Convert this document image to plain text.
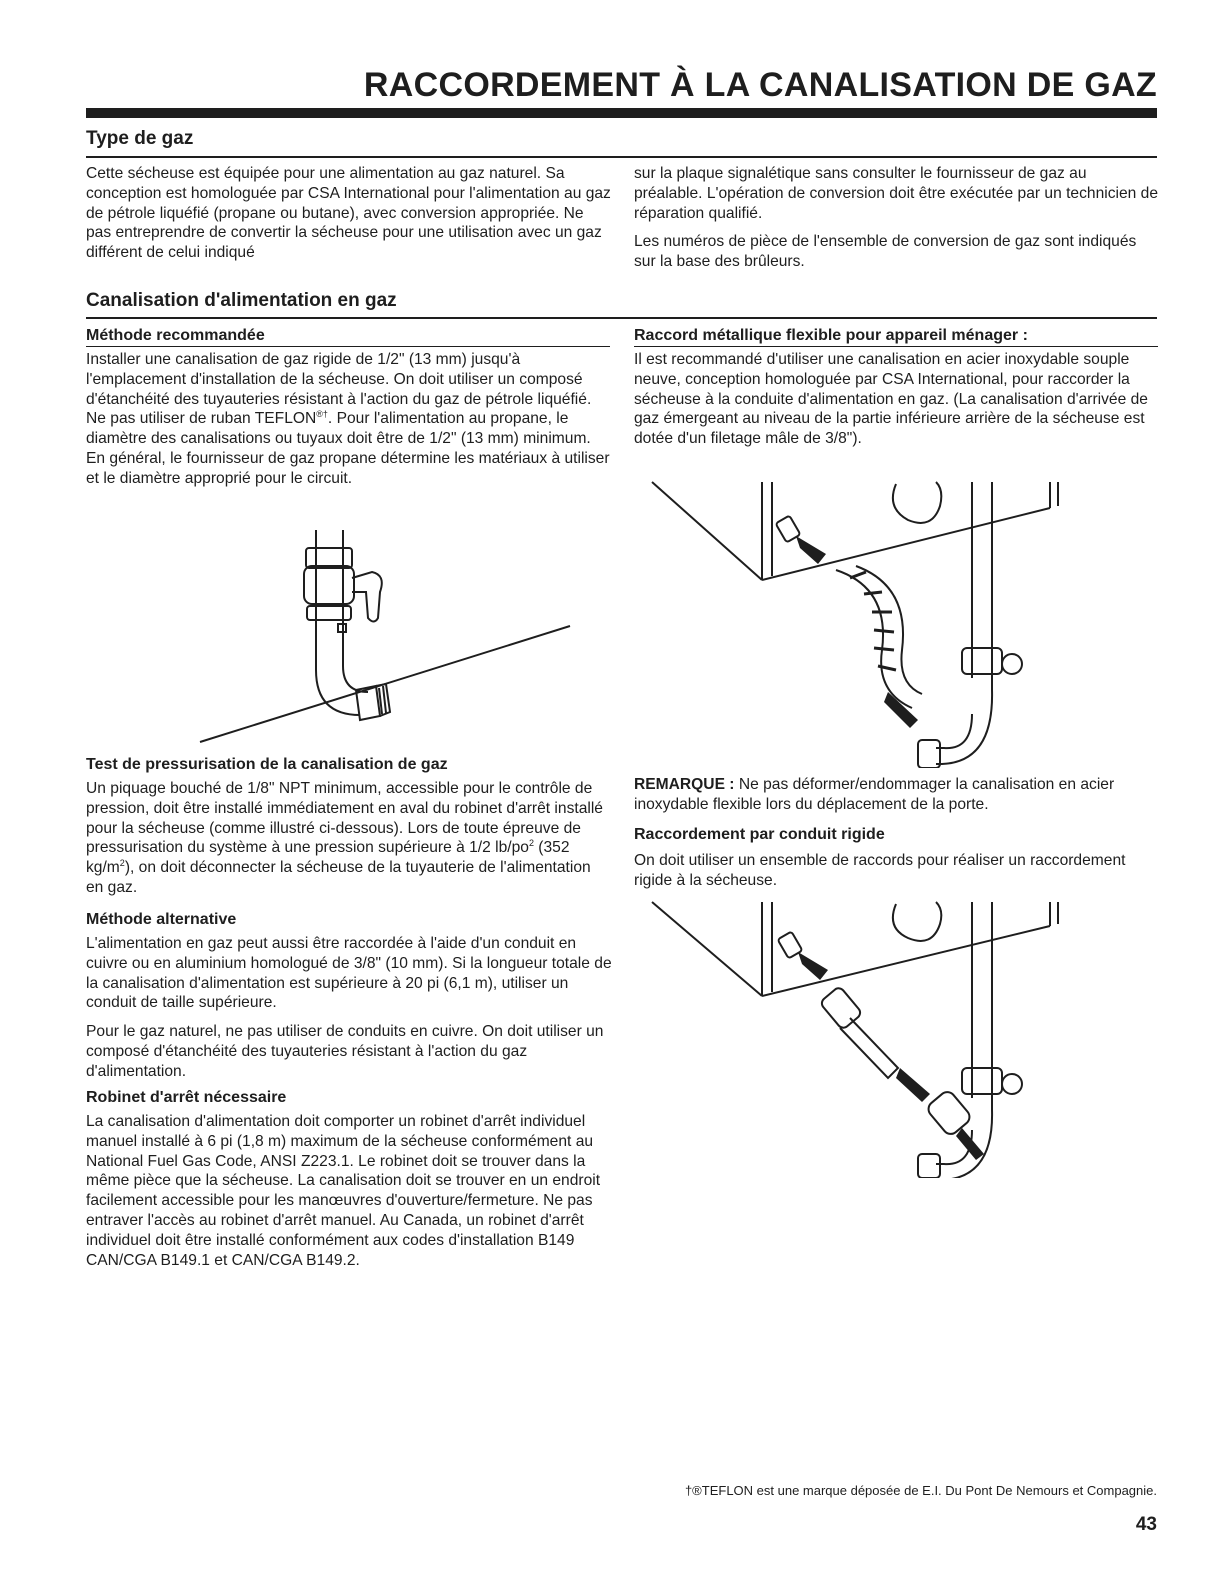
RACCORDEMENT À LA CANALISATION DE GAZ
Type de gaz

Cette sécheuse est équipée pour une alimentation au gaz naturel. Sa conception est homologuée par CSA International pour l'alimentation au gaz de pétrole liquéfié (propane ou butane), avec conversion appropriée. Ne pas entreprendre de convertir la sécheuse pour une utilisation avec un gaz différent de celui indiqué

sur la plaque signalétique sans consulter le fournisseur de gaz au préalable. L'opération de conversion doit être exécutée par un technicien de réparation qualifié.

Les numéros de pièce de l'ensemble de conversion de gaz sont indiqués sur la base des brûleurs.

Canalisation d'alimentation en gaz
Méthode recommandée

Installer une canalisation de gaz rigide de 1/2" (13 mm) jusqu'à l'emplacement d'installation de la sécheuse. On doit utiliser un composé d'étanchéité des tuyauteries résistant à l'action du gaz de pétrole liquéfié. Ne pas utiliser de ruban TEFLON®†. Pour l'alimentation au propane, le diamètre des canalisations ou tuyaux doit être de 1/2" (13 mm) minimum. En général, le fournisseur de gaz propane détermine les matériaux à utiliser et le diamètre approprié pour le circuit.

Test de pressurisation de la canalisation de gaz

Un piquage bouché de 1/8" NPT minimum, accessible pour le contrôle de pression, doit être installé immédiatement en aval du robinet d'arrêt installé pour la sécheuse (comme illustré ci-dessous). Lors de toute épreuve de pressurisation du système à une pression supérieure à 1/2 $lb/po^2$ (352 $kg/m^2$), on doit déconnecter la sécheuse de la tuyauterie de l'alimentation en gaz.

Méthode alternative

L'alimentation en gaz peut aussi être raccordée à l'aide d'un conduit en cuivre ou en aluminium homologué de 3/8" (10 mm). Si la longueur totale de la canalisation d'alimentation est supérieure à 20 pi (6,1 m), utiliser un conduit de taille supérieure.

Pour le gaz naturel, ne pas utiliser de conduits en cuivre. On doit utiliser un composé d'étanchéité des tuyauteries résistant à l'action du gaz d'alimentation.

Robinet d'arrêt nécessaire

La canalisation d'alimentation doit comporter un robinet d'arrêt individuel manuel installé à 6 pi (1,8 m) maximum de la sécheuse conformément au National Fuel Gas Code, ANSI Z223.1. Le robinet doit se trouver dans la même pièce que la sécheuse. La canalisation doit se trouver en un endroit facilement accessible pour les manœuvres d'ouverture/fermeture. Ne pas entraver l'accès au robinet d'arrêt manuel. Au Canada, un robinet d'arrêt individuel doit être installé conformément aux codes d'installation B149 CAN/CGA B149.1 et CAN/CGA B149.2.

Raccord métallique flexible pour appareil ménager :

Il est recommandé d'utiliser une canalisation en acier inoxydable souple neuve, conception homologuée par CSA International, pour raccorder la sécheuse à la conduite d'alimentation en gaz. (La canalisation d'arrivée de gaz émergeant au niveau de la partie inférieure arrière de la sécheuse est dotée d'un filetage mâle de 3/8").

REMARQUE : Ne pas déformer/endommager la canalisation en acier inoxydable flexible lors du déplacement de la porte.

Raccordement par conduit rigide

On doit utiliser un ensemble de raccords pour réaliser un raccordement rigide à la sécheuse.

†®TEFLON est une marque déposée de E.I. Du Pont De Nemours et Compagnie.

43
